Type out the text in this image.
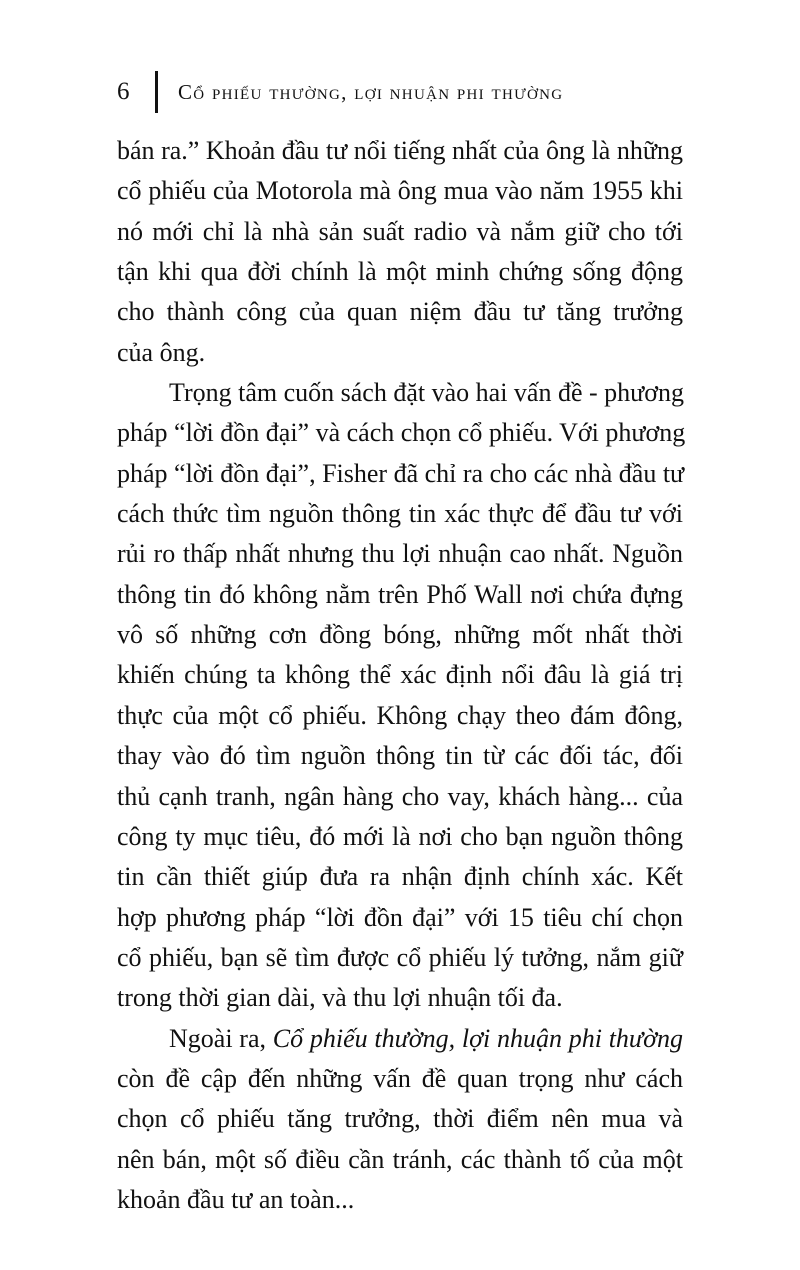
6	Cổ phiếu thường, lợi nhuận phi thường
bán ra.” Khoản đầu tư nổi tiếng nhất của ông là những
cổ phiếu của Motorola mà ông mua vào năm 1955 khi
nó mới chỉ là nhà sản suất radio và nắm giữ cho tới
tận khi qua đời chính là một minh chứng sống động
cho thành công của quan niệm đầu tư tăng trưởng
của ông.
Trọng tâm cuốn sách đặt vào hai vấn đề - phương
pháp “lời đồn đại” và cách chọn cổ phiếu. Với phương
pháp “lời đồn đại”, Fisher đã chỉ ra cho các nhà đầu tư
cách thức tìm nguồn thông tin xác thực để đầu tư với
rủi ro thấp nhất nhưng thu lợi nhuận cao nhất. Nguồn
thông tin đó không nằm trên Phố Wall nơi chứa đựng
vô số những cơn đồng bóng, những mốt nhất thời
khiến chúng ta không thể xác định nổi đâu là giá trị
thực của một cổ phiếu. Không chạy theo đám đông,
thay vào đó tìm nguồn thông tin từ các đối tác, đối
thủ cạnh tranh, ngân hàng cho vay, khách hàng... của
công ty mục tiêu, đó mới là nơi cho bạn nguồn thông
tin cần thiết giúp đưa ra nhận định chính xác. Kết
hợp phương pháp “lời đồn đại” với 15 tiêu chí chọn
cổ phiếu, bạn sẽ tìm được cổ phiếu lý tưởng, nắm giữ
trong thời gian dài, và thu lợi nhuận tối đa.
Ngoài ra, Cổ phiếu thường, lợi nhuận phi thường
còn đề cập đến những vấn đề quan trọng như cách
chọn cổ phiếu tăng trưởng, thời điểm nên mua và
nên bán, một số điều cần tránh, các thành tố của một
khoản đầu tư an toàn...
